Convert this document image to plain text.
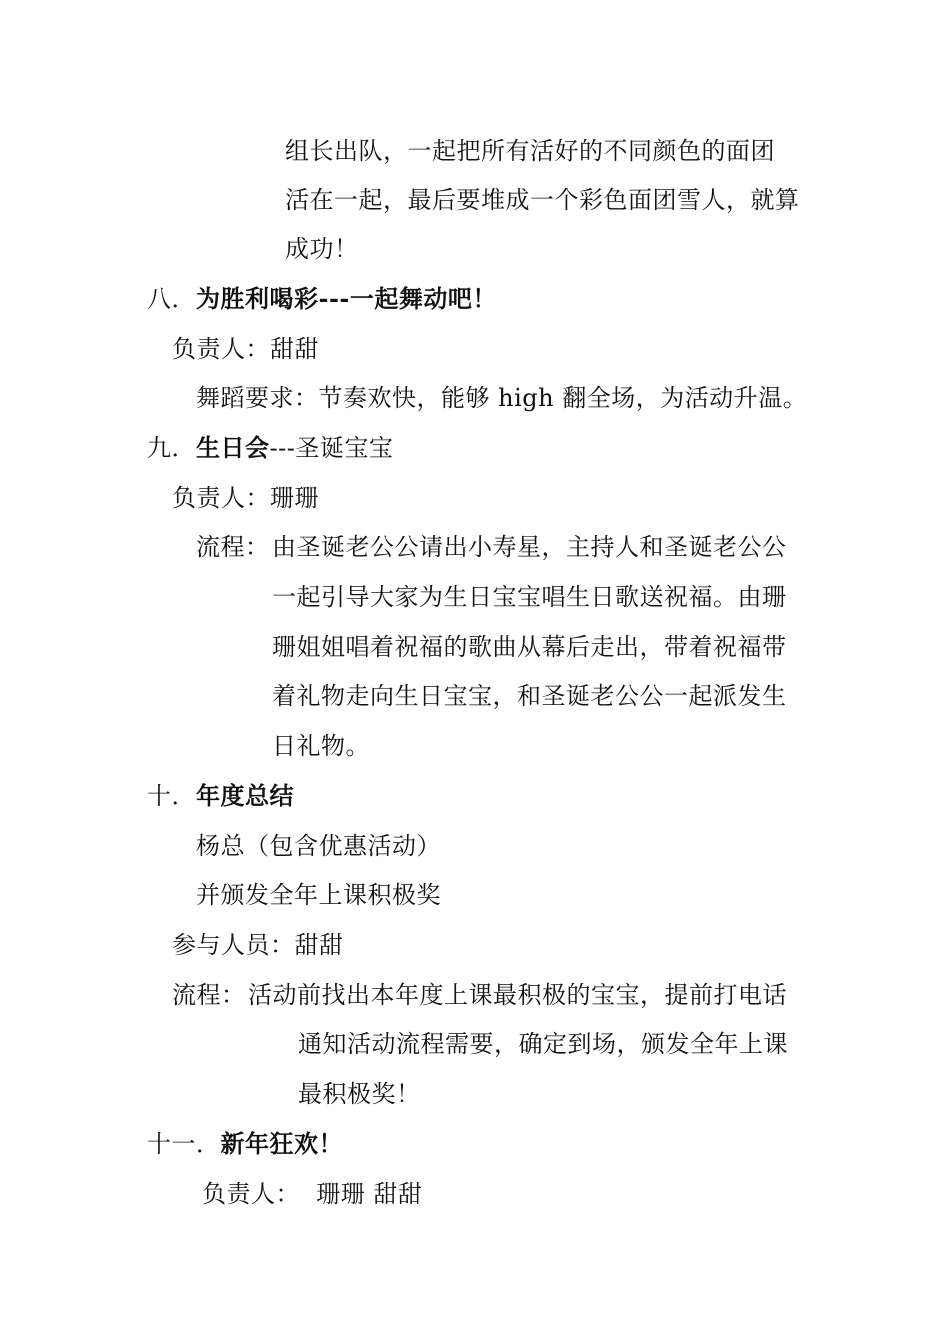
组长出队，一起把所有活好的不同颜色的面团
活在一起，最后要堆成一个彩色面团雪人，就算
成功！
八．为胜利喝彩---一起舞动吧！
负责人：甜甜
舞蹈要求：节奏欢快，能够 high 翻全场，为活动升温。
九．生日会---圣诞宝宝
负责人：珊珊
流程： 由圣诞老公公请出小寿星，主持人和圣诞老公公
一起引导大家为生日宝宝唱生日歌送祝福。由珊
珊姐姐唱着祝福的歌曲从幕后走出，带着祝福带
着礼物走向生日宝宝，和圣诞老公公一起派发生
日礼物。
十．年度总结
杨总（包含优惠活动）
并颁发全年上课积极奖
参与人员：甜甜
流程： 活动前找出本年度上课最积极的宝宝，提前打电话
通知活动流程需要，确定到场，颁发全年上课
最积极奖！
十一．新年狂欢！
负责人：  珊珊 甜甜
